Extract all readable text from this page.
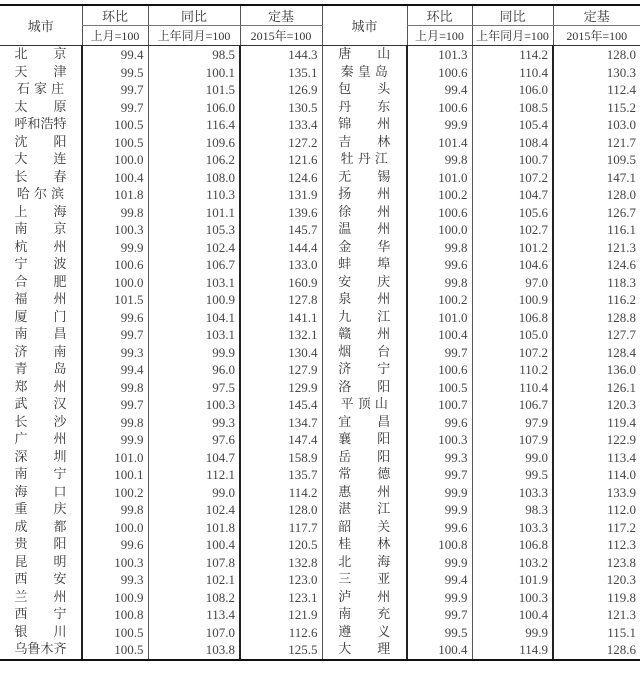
城市	环比	同比	定基	城市	环比	同比	定基
	上月=100	上年同月=100	2015年=100		上月=100	上年同月=100	2015年=100
北　　京	99.4	98.5	144.3	唐　　山	101.3	114.2	128.0
天　　津	99.5	100.1	135.1	秦 皇 岛	100.6	110.4	130.3
石 家 庄	99.7	101.5	126.9	包　　头	99.4	106.0	112.4
太　　原	99.7	106.0	130.5	丹　　东	100.6	108.5	115.2
呼和浩特	100.5	116.4	133.4	锦　　州	99.9	105.4	103.0
沈　　阳	100.5	109.6	127.2	吉　　林	101.4	108.4	121.7
大　　连	100.0	106.2	121.6	牡 丹 江	99.8	100.7	109.5
长　　春	100.4	108.0	124.6	无　　锡	101.0	107.2	147.1
哈 尔 滨	101.8	110.3	131.9	扬　　州	100.2	104.7	128.0
上　　海	99.8	101.1	139.6	徐　　州	100.6	105.6	126.7
南　　京	100.3	105.3	145.7	温　　州	100.0	102.7	116.1
杭　　州	99.9	102.4	144.4	金　　华	99.8	101.2	121.3
宁　　波	100.6	106.7	133.0	蚌　　埠	99.6	104.6	124.6
合　　肥	100.0	103.1	160.9	安　　庆	99.8	97.0	118.3
福　　州	101.5	100.9	127.8	泉　　州	100.2	100.9	116.2
厦　　门	99.6	104.1	141.1	九　　江	101.0	106.8	128.8
南　　昌	99.7	103.1	132.1	赣　　州	100.4	105.0	127.7
济　　南	99.3	99.9	130.4	烟　　台	99.7	107.2	128.4
青　　岛	99.4	96.0	127.9	济　　宁	100.6	110.2	136.0
郑　　州	99.8	97.5	129.9	洛　　阳	100.5	110.4	126.1
武　　汉	99.7	100.3	145.4	平 顶 山	100.7	106.7	120.3
长　　沙	99.8	99.3	134.7	宜　　昌	99.6	97.9	119.4
广　　州	99.9	97.6	147.4	襄　　阳	100.3	107.9	122.9
深　　圳	101.0	104.7	158.9	岳　　阳	99.3	99.0	113.4
南　　宁	100.1	112.1	135.7	常　　德	99.7	99.5	114.0
海　　口	100.2	99.0	114.2	惠　　州	99.9	103.3	133.9
重　　庆	99.8	102.4	128.0	湛　　江	99.9	98.3	112.0
成　　都	100.0	101.8	117.7	韶　　关	99.6	103.3	117.2
贵　　阳	99.6	100.4	120.5	桂　　林	100.8	106.8	112.3
昆　　明	100.3	107.8	132.8	北　　海	99.9	103.2	123.8
西　　安	99.3	102.1	123.0	三　　亚	99.4	101.9	120.3
兰　　州	100.9	108.2	123.1	泸　　州	99.9	100.3	119.8
西　　宁	100.8	113.4	121.9	南　　充	99.7	100.4	121.3
银　　川	100.5	107.0	112.6	遵　　义	99.5	99.9	115.1
乌鲁木齐	100.5	103.8	125.5	大　　理	100.4	114.9	128.6
